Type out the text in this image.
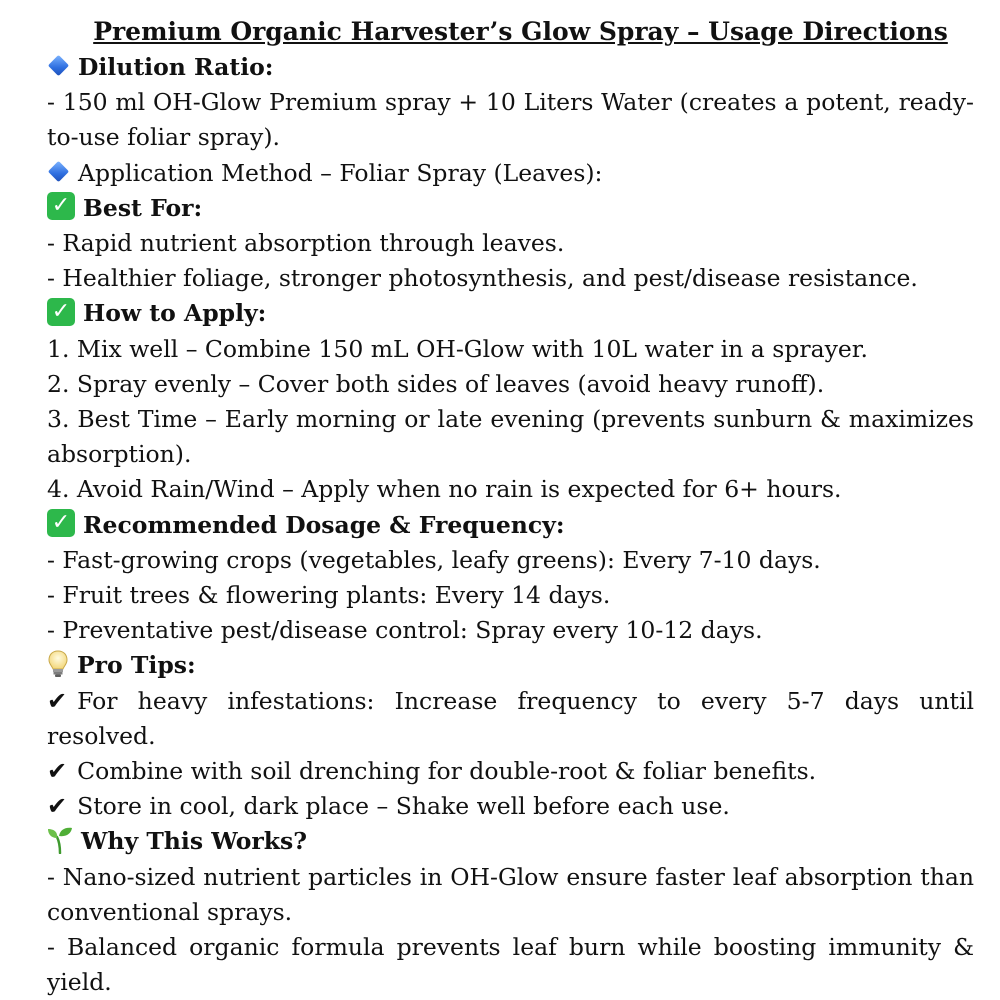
Premium Organic Harvester’s Glow Spray – Usage Directions

Dilution Ratio:

- 150 ml OH-Glow Premium spray + 10 Liters Water (creates a potent, ready-to-use foliar spray).

Application Method – Foliar Spray (Leaves):

✓ Best For:

- Rapid nutrient absorption through leaves.

- Healthier foliage, stronger photosynthesis, and pest/disease resistance.

✓ How to Apply:

1. Mix well – Combine 150 mL OH-Glow with 10L water in a sprayer.

2. Spray evenly – Cover both sides of leaves (avoid heavy runoff).

3. Best Time – Early morning or late evening (prevents sunburn & maximizes absorption).

4. Avoid Rain/Wind – Apply when no rain is expected for 6+ hours.

✓ Recommended Dosage & Frequency:

- Fast-growing crops (vegetables, leafy greens): Every 7-10 days.

- Fruit trees & flowering plants: Every 14 days.

- Preventative pest/disease control: Spray every 10-12 days.

Pro Tips:

✔ For heavy infestations: Increase frequency to every 5-7 days until resolved.

✔ Combine with soil drenching for double-root & foliar benefits.

✔ Store in cool, dark place – Shake well before each use.

Why This Works?

- Nano-sized nutrient particles in OH-Glow ensure faster leaf absorption than conventional sprays.

- Balanced organic formula prevents leaf burn while boosting immunity & yield.
